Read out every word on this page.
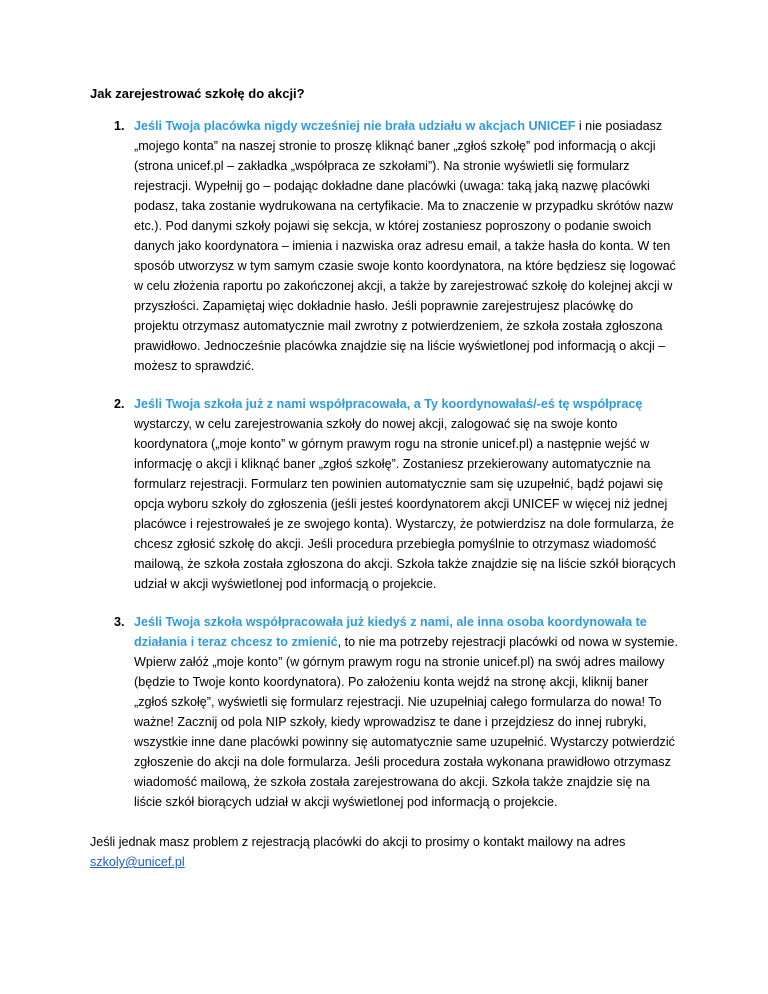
Jak zarejestrować szkołę do akcji?
1. Jeśli Twoja placówka nigdy wcześniej nie brała udziału w akcjach UNICEF i nie posiadasz „mojego konta” na naszej stronie to proszę kliknąć baner „zgłoś szkołę” pod informacją o akcji (strona unicef.pl – zakładka „współpraca ze szkołami”). Na stronie wyświetli się formularz rejestracji. Wypełnij go – podając dokładne dane placówki (uwaga: taką jaką nazwę placówki podasz, taka zostanie wydrukowana na certyfikacie. Ma to znaczenie w przypadku skrótów nazw etc.). Pod danymi szkoły pojawi się sekcja, w której zostaniesz poproszony o podanie swoich danych jako koordynatora – imienia i nazwiska oraz adresu email, a także hasła do konta. W ten sposób utworzysz w tym samym czasie swoje konto koordynatora, na które będziesz się logować w celu złożenia raportu po zakończonej akcji, a także by zarejestrować szkołę do kolejnej akcji w przyszłości. Zapamiętaj więc dokładnie hasło. Jeśli poprawnie zarejestrujesz placówkę do projektu otrzymasz automatycznie mail zwrotny z potwierdzeniem, że szkoła została zgłoszona prawidłowo. Jednocześnie placówka znajdzie się na liście wyświetlonej pod informacją o akcji – możesz to sprawdzić.
2. Jeśli Twoja szkoła już z nami współpracowała, a Ty koordynowałaś/-eś tę współpracę wystarczy, w celu zarejestrowania szkoły do nowej akcji, zalogować się na swoje konto koordynatora („moje konto” w górnym prawym rogu na stronie unicef.pl) a następnie wejść w informację o akcji i kliknąć baner „zgłoś szkołę”. Zostaniesz przekierowany automatycznie na formularz rejestracji. Formularz ten powinien automatycznie sam się uzupełnić, bądź pojawi się opcja wyboru szkoły do zgłoszenia (jeśli jesteś koordynatorem akcji UNICEF w więcej niż jednej placówce i rejestrowałeś je ze swojego konta). Wystarczy, że potwierdzisz na dole formularza, że chcesz zgłosić szkołę do akcji. Jeśli procedura przebiegła pomyślnie to otrzymasz wiadomość mailową, że szkoła została zgłoszona do akcji. Szkoła także znajdzie się na liście szkół biorących udział w akcji wyświetlonej pod informacją o projekcie.
3. Jeśli Twoja szkoła współpracowała już kiedyś z nami, ale inna osoba koordynowała te działania i teraz chcesz to zmienić, to nie ma potrzeby rejestracji placówki od nowa w systemie. Wpierw załóż „moje konto” (w górnym prawym rogu na stronie unicef.pl) na swój adres mailowy (będzie to Twoje konto koordynatora). Po założeniu konta wejdź na stronę akcji, kliknij baner „zgłoś szkołę”, wyświetli się formularz rejestracji. Nie uzupełniaj całego formularza do nowa! To ważne! Zacznij od pola NIP szkoły, kiedy wprowadzisz te dane i przejdziesz do innej rubryki, wszystkie inne dane placówki powinny się automatycznie same uzupełnić. Wystarczy potwierdzić zgłoszenie do akcji na dole formularza. Jeśli procedura została wykonana prawidłowo otrzymasz wiadomość mailową, że szkoła została zarejestrowana do akcji. Szkoła także znajdzie się na liście szkół biorących udział w akcji wyświetlonej pod informacją o projekcie.
Jeśli jednak masz problem z rejestracją placówki do akcji to prosimy o kontakt mailowy na adres szkoly@unicef.pl
